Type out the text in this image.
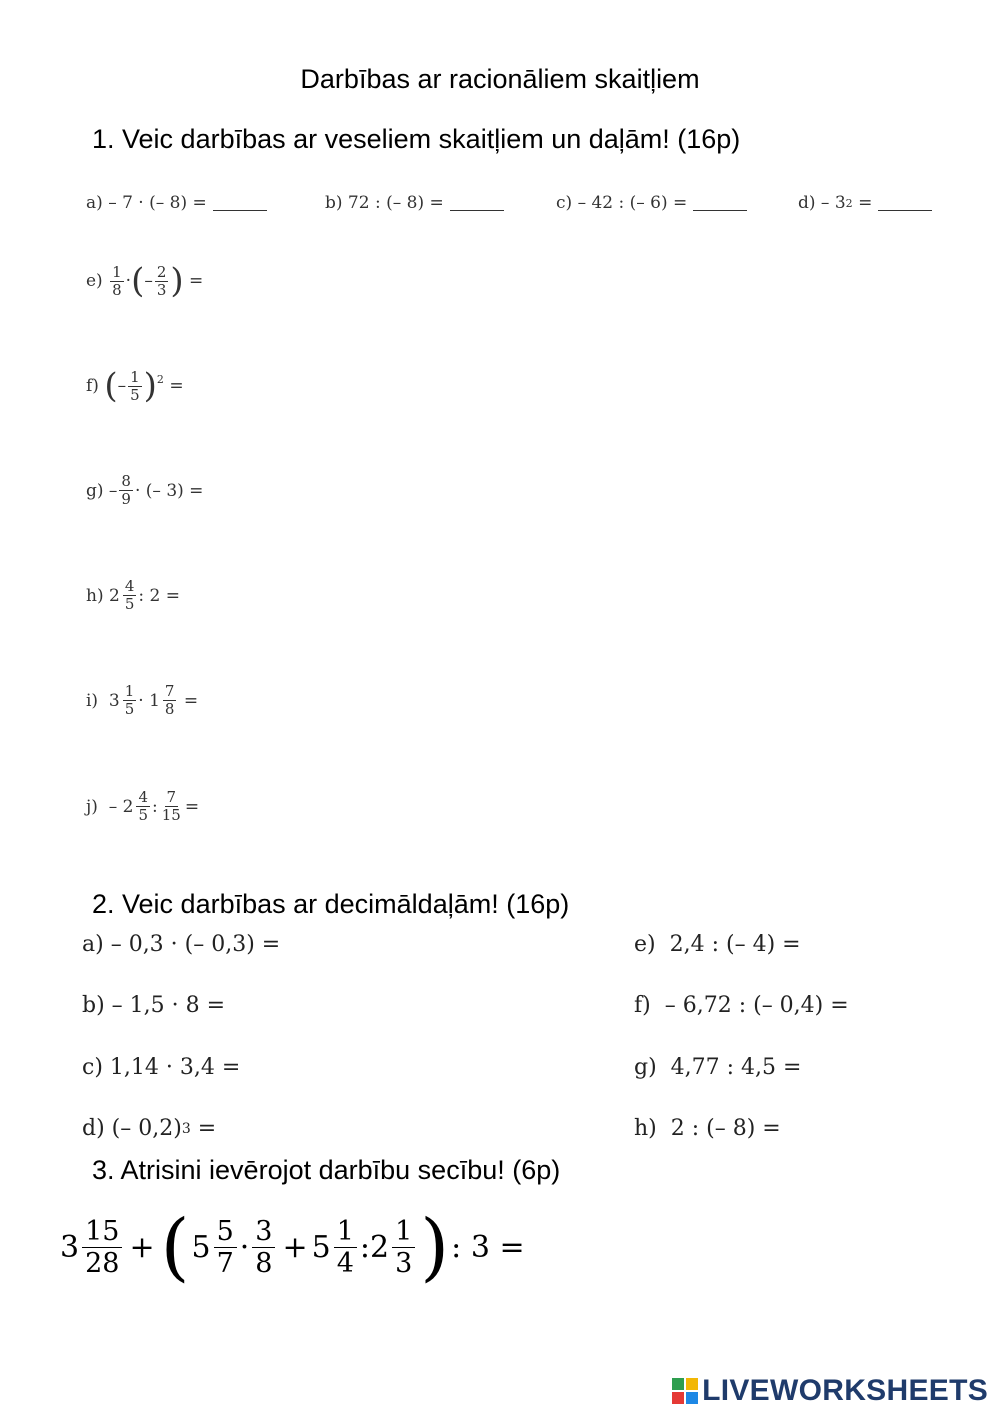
Darbības ar racionāliem skaitļiem
1. Veic darbības ar veseliem skaitļiem un daļām! (16p)
a)
– 7 · (– 8) =	b)
72 : (– 8) =	c)
– 42 : (– 6) =	d)
– 3 2
=
e)
$\frac{1}{8}$ · ( – $\frac{2}{3}$ )
=
f)
( – $\frac{1}{5}$ ) 2
=
g)
– $\frac{8}{9}$ · (– 3) =
h)
$2 \frac{4}{5}$ : 2 =
i)
$3 \frac{1}{5}$ ·
$1 \frac{7}{8}$
=
j)
– $2 \frac{4}{5}$ : $\frac{7}{15}$ =
2. Veic darbības ar decimāldaļām! (16p)
a)
– 0,3 · (– 0,3) =
b)
– 1,5 · 8 =
c)
1,14 · 3,4 =
d)
(– 0,2) 3
=
e)
2,4 : (– 4) =
f)
– 6,72 : (– 0,4) =
g)
4,77 : 4,5 =
h)
2 : (– 8) =
3. Atrisini ievērojot darbību secību! (6p)
$3 \frac{15}{28}$ + ( $5 \frac{5}{7} \cdot \frac{3}{8} + 5 \frac{1}{4}$ : $2 \frac{1}{3}$ ) : 3 =
LIVEWORKSHEETS
